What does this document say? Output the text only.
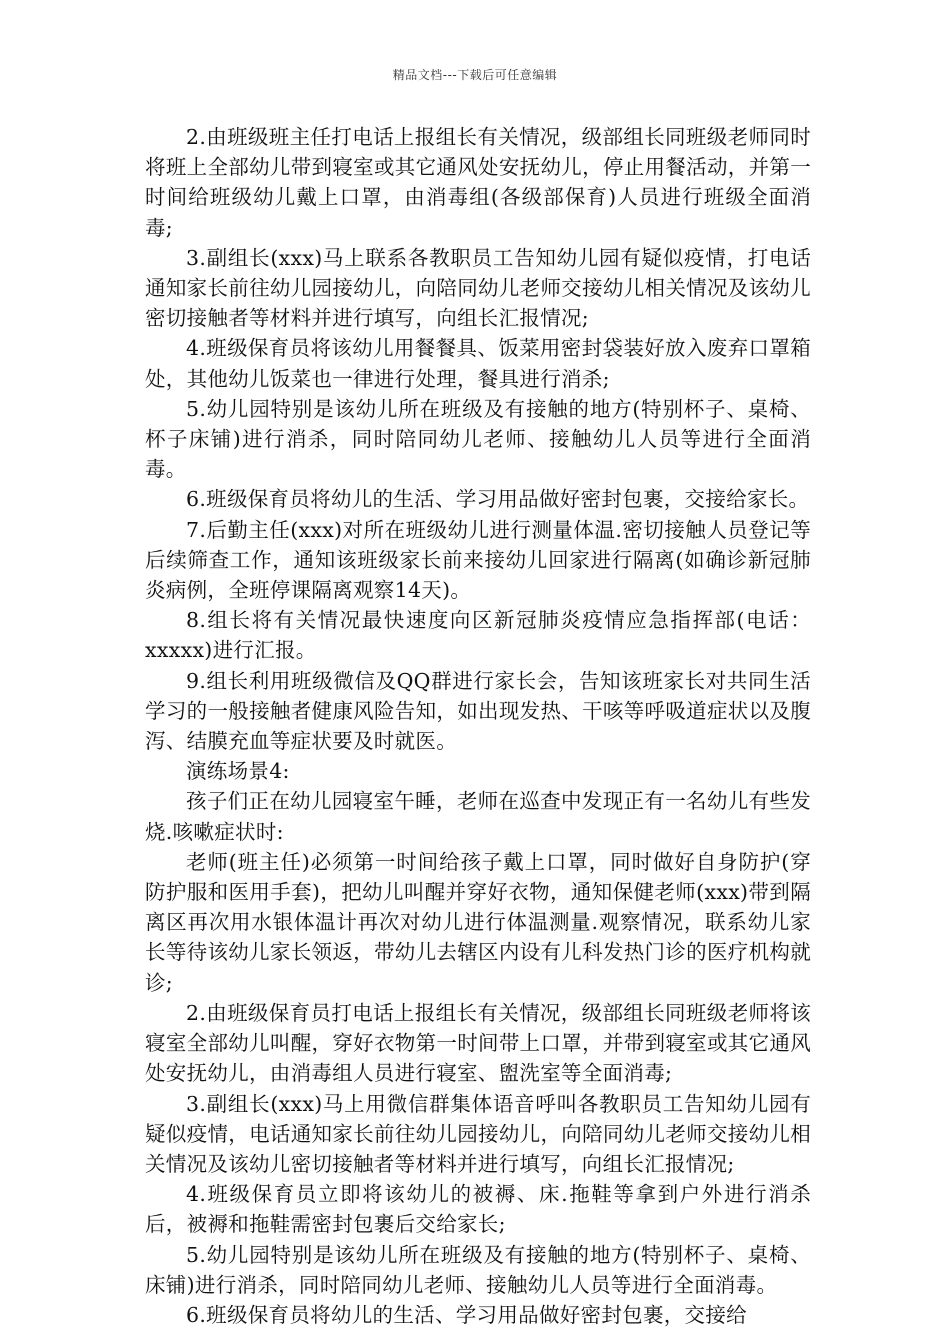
精品文档---下载后可任意编辑

2.由班级班主任打电话上报组长有关情况，级部组长同班级老师同时将班上全部幼儿带到寝室或其它通风处安抚幼儿，停止用餐活动，并第一时间给班级幼儿戴上口罩，由消毒组(各级部保育)人员进行班级全面消毒;

3.副组长(xxx)马上联系各教职员工告知幼儿园有疑似疫情，打电话通知家长前往幼儿园接幼儿，向陪同幼儿老师交接幼儿相关情况及该幼儿密切接触者等材料并进行填写，向组长汇报情况;

4.班级保育员将该幼儿用餐餐具、饭菜用密封袋装好放入废弃口罩箱处，其他幼儿饭菜也一律进行处理，餐具进行消杀;

5.幼儿园特别是该幼儿所在班级及有接触的地方(特别杯子、桌椅、杯子床铺)进行消杀，同时陪同幼儿老师、接触幼儿人员等进行全面消毒。

6.班级保育员将幼儿的生活、学习用品做好密封包裹，交接给家长。

7.后勤主任(xxx)对所在班级幼儿进行测量体温.密切接触人员登记等后续筛查工作，通知该班级家长前来接幼儿回家进行隔离(如确诊新冠肺炎病例，全班停课隔离观察14天)。

8.组长将有关情况最快速度向区新冠肺炎疫情应急指挥部(电话：xxxxx)进行汇报。

9.组长利用班级微信及QQ群进行家长会，告知该班家长对共同生活学习的一般接触者健康风险告知，如出现发热、干咳等呼吸道症状以及腹泻、结膜充血等症状要及时就医。

演练场景4:

孩子们正在幼儿园寝室午睡，老师在巡查中发现正有一名幼儿有些发烧.咳嗽症状时:

老师(班主任)必须第一时间给孩子戴上口罩，同时做好自身防护(穿防护服和医用手套)，把幼儿叫醒并穿好衣物，通知保健老师(xxx)带到隔离区再次用水银体温计再次对幼儿进行体温测量.观察情况，联系幼儿家长等待该幼儿家长领返，带幼儿去辖区内设有儿科发热门诊的医疗机构就诊;

2.由班级保育员打电话上报组长有关情况，级部组长同班级老师将该寝室全部幼儿叫醒，穿好衣物第一时间带上口罩，并带到寝室或其它通风处安抚幼儿，由消毒组人员进行寝室、盥洗室等全面消毒;

3.副组长(xxx)马上用微信群集体语音呼叫各教职员工告知幼儿园有疑似疫情，电话通知家长前往幼儿园接幼儿，向陪同幼儿老师交接幼儿相关情况及该幼儿密切接触者等材料并进行填写，向组长汇报情况;

4.班级保育员立即将该幼儿的被褥、床.拖鞋等拿到户外进行消杀后，被褥和拖鞋需密封包裹后交给家长;

5.幼儿园特别是该幼儿所在班级及有接触的地方(特别杯子、桌椅、床铺)进行消杀，同时陪同幼儿老师、接触幼儿人员等进行全面消毒。

6.班级保育员将幼儿的生活、学习用品做好密封包裹，交接给
